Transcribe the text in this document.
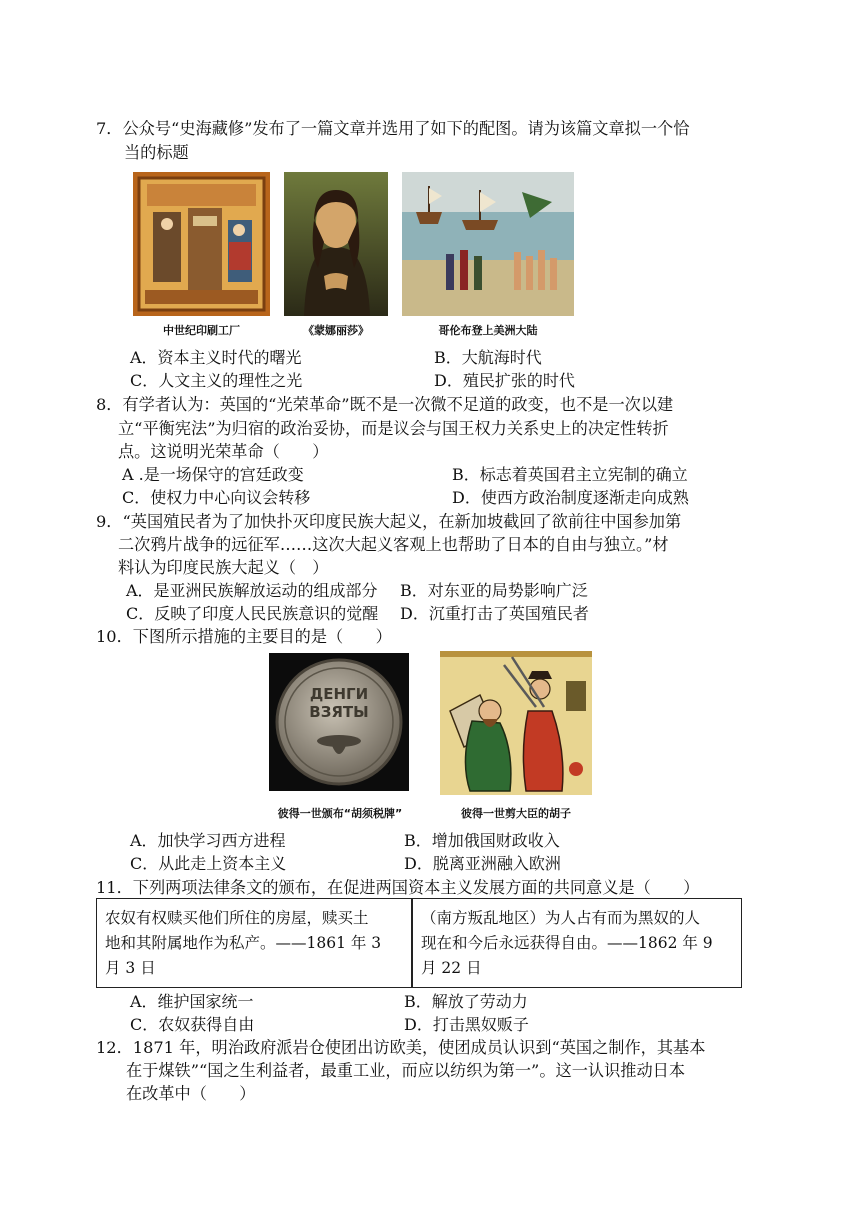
7．公众号“史海藏修”发布了一篇文章并选用了如下的配图。请为该篇文章拟一个恰
当的标题
中世纪印刷工厂	《蒙娜丽莎》	哥伦布登上美洲大陆
A．资本主义时代的曙光	B．大航海时代
C．人文主义的理性之光	D．殖民扩张的时代
8．有学者认为：英国的“光荣革命”既不是一次微不足道的政变，也不是一次以建
立“平衡宪法”为归宿的政治妥协，而是议会与国王权力关系史上的决定性转折
点。这说明光荣革命（　　）
A .是一场保守的宫廷政变	B．标志着英国君主立宪制的确立
C．使权力中心向议会转移	D．使西方政治制度逐渐走向成熟
9．“英国殖民者为了加快扑灭印度民族大起义，在新加坡截回了欲前往中国参加第
二次鸦片战争的远征军……这次大起义客观上也帮助了日本的自由与独立。”材
料认为印度民族大起义（　）
A．是亚洲民族解放运动的组成部分 B．对东亚的局势影响广泛
C．反映了印度人民民族意识的觉醒 D．沉重打击了英国殖民者
10．下图所示措施的主要目的是（　　）
ДЕНГИ
ВЗЯТЫ
彼得一世颁布“胡须税牌”	彼得一世剪大臣的胡子
A．加快学习西方进程	B．增加俄国财政收入
C．从此走上资本主义	D．脱离亚洲融入欧洲
11．下列两项法律条文的颁布，在促进两国资本主义发展方面的共同意义是（　　）
农奴有权赎买他们所住的房屋，赎买土
地和其附属地作为私产。——1861 年 3
月 3 日
（南方叛乱地区）为人占有而为黑奴的人
现在和今后永远获得自由。——1862 年 9
月 22 日
A．维护国家统一	B．解放了劳动力
C．农奴获得自由	D．打击黑奴贩子
12．1871 年，明治政府派岩仓使团出访欧美，使团成员认识到“英国之制作，其基本
在于煤铁”“国之生利益者，最重工业，而应以纺织为第一”。这一认识推动日本
在改革中（　　）
